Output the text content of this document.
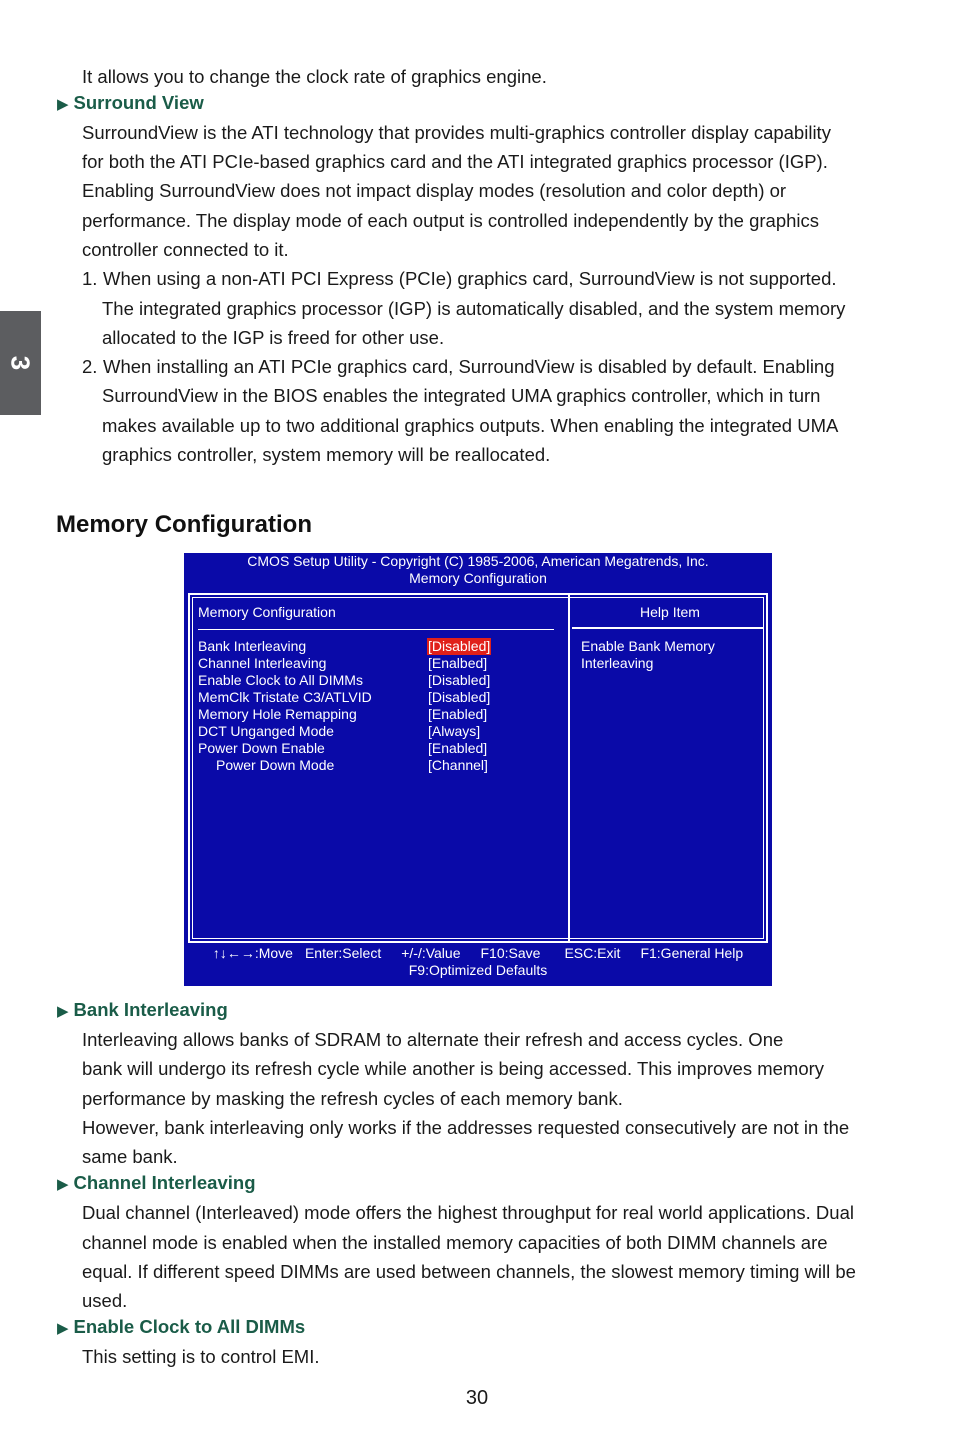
3

It allows you to change the clock rate of graphics engine.

▶ Surround View

SurroundView is the ATI technology that provides multi-graphics controller display capability

for both the ATI PCIe-based graphics card and the ATI integrated graphics processor (IGP).

Enabling SurroundView does not impact display modes (resolution and color depth) or

performance. The display mode of each output is controlled independently by the graphics

controller connected to it.

1. When using a non-ATI PCI Express (PCIe) graphics card, SurroundView is not supported.

The integrated graphics processor (IGP) is automatically disabled, and the system memory

allocated to the IGP is freed for other use.

2. When installing an ATI PCIe graphics card, SurroundView is disabled by default. Enabling

SurroundView in the BIOS enables the integrated UMA graphics controller, which in turn

makes available up to two additional graphics outputs. When enabling the integrated UMA

graphics controller, system memory will be reallocated.

Memory Configuration
CMOS Setup Utility - Copyright (C) 1985-2006, American Megatrends, Inc.
Memory Configuration
Memory Configuration	Help Item
Bank Interleaving	[Disabled]
Channel Interleaving	[Enalbed]
Enable Clock to All DIMMs	[Disabled]
MemClk Tristate C3/ATLVID	[Disabled]
Memory Hole Remapping	[Enabled]
DCT Unganged Mode	[Always]
Power Down Enable	[Enabled]
Power Down Mode	[Channel]
Enable Bank Memory
Interleaving
↑↓←→:Move Enter:Select +/-/:Value F10:Save ESC:Exit F1:General Help
F9:Optimized Defaults

▶ Bank Interleaving

Interleaving allows banks of SDRAM to alternate their refresh and access cycles. One

bank will undergo its refresh cycle while another is being accessed. This improves memory

performance by masking the refresh cycles of each memory bank.

However, bank interleaving only works if the addresses requested consecutively are not in the

same bank.

▶ Channel Interleaving

Dual channel (Interleaved) mode offers the highest throughput for real world applications. Dual

channel mode is enabled when the installed memory capacities of both DIMM channels are

equal. If different speed DIMMs are used between channels, the slowest memory timing will be

used.

▶ Enable Clock to All DIMMs

This setting is to control EMI.

30
